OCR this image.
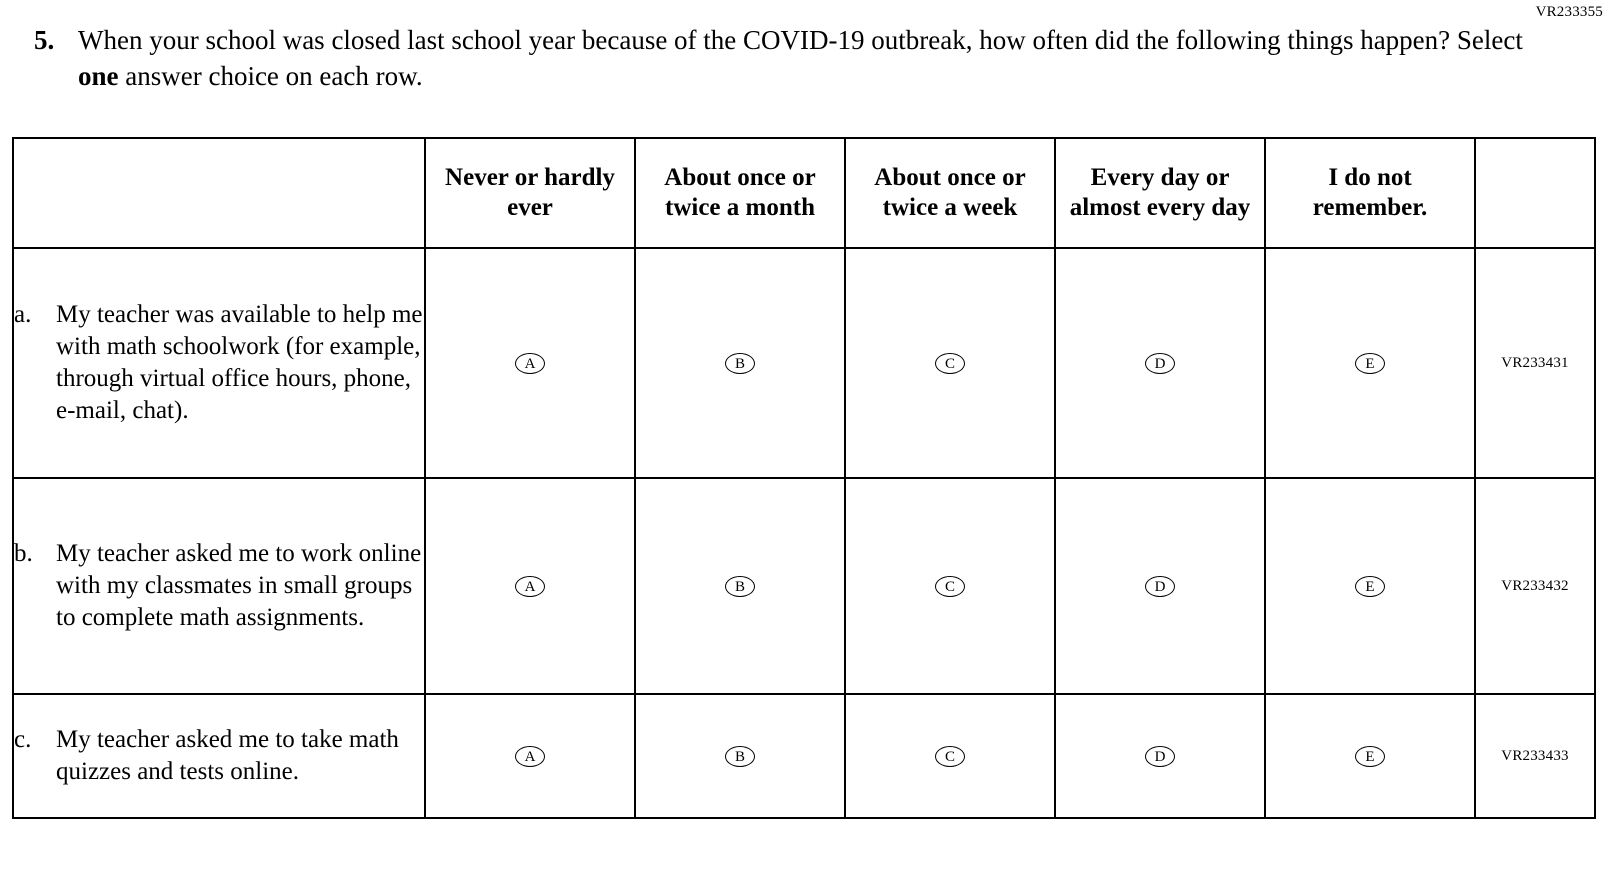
VR233355
5. When your school was closed last school year because of the COVID-19 outbreak, how often did the following things happen? Select one answer choice on each row.
	Never or hardly ever	About once or twice a month	About once or twice a week	Every day or almost every day	I do not remember.	

a. My teacher was available to help me with math schoolwork (for example, through virtual office hours, phone, e-mail, chat).	A	B	C	D	E	VR233431

b. My teacher asked me to work online with my classmates in small groups to complete math assignments.	A	B	C	D	E	VR233432

c. My teacher asked me to take math quizzes and tests online.	A	B	C	D	E	VR233433
